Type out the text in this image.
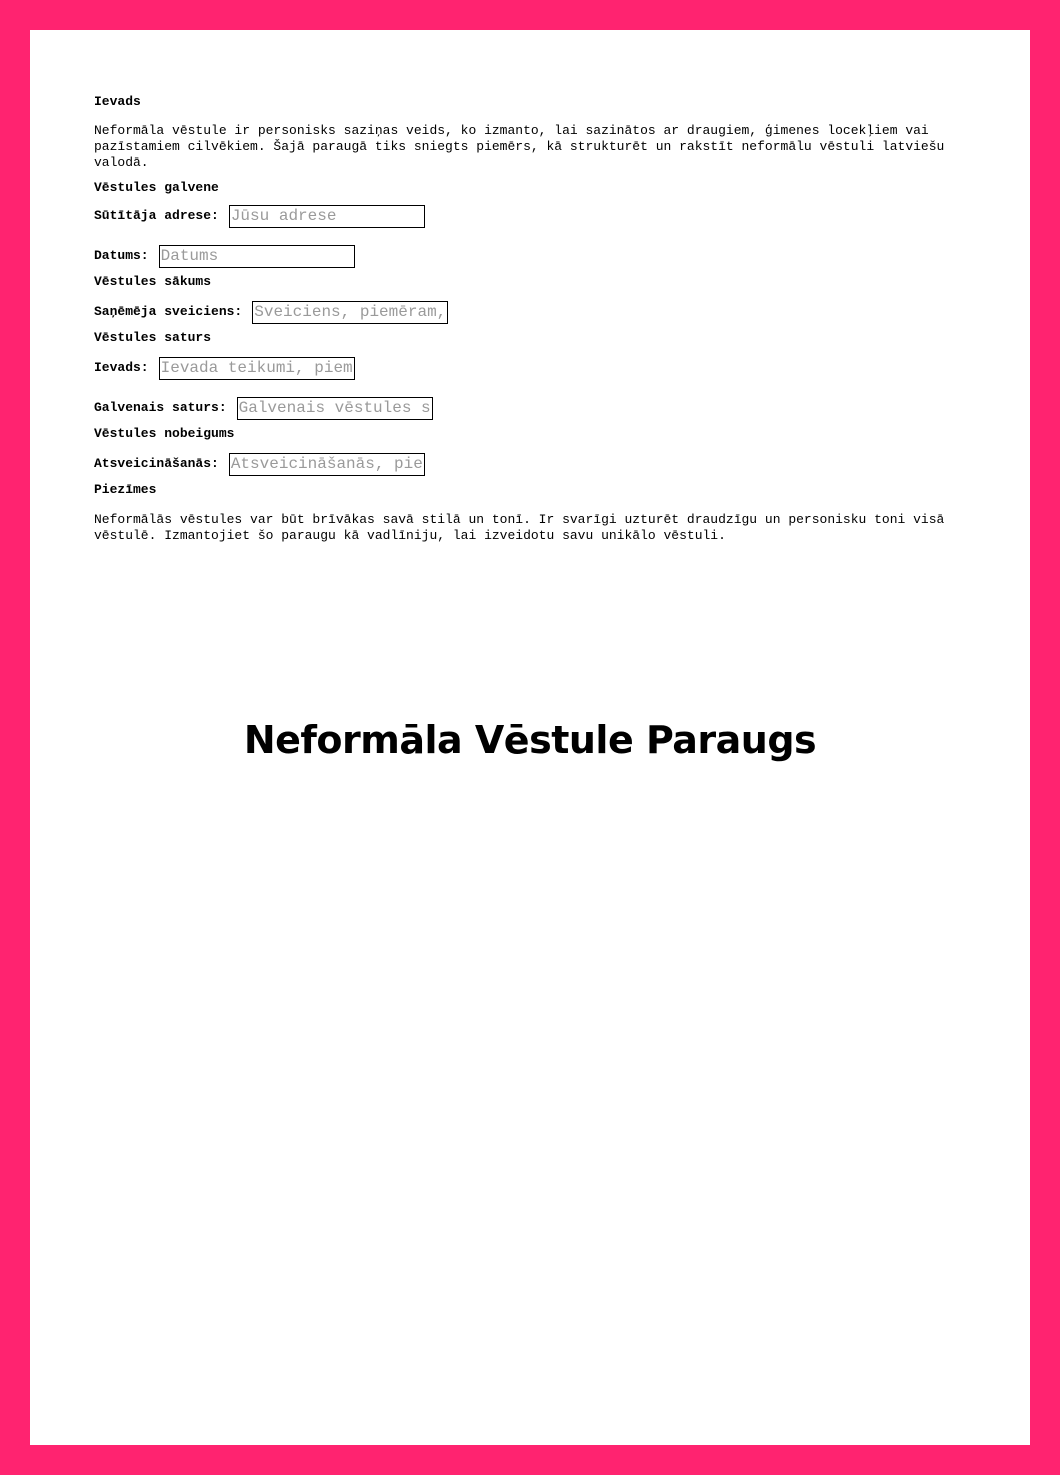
Ievads

Neformāla vēstule ir personisks saziņas veids, ko izmanto, lai sazinātos ar draugiem, ģimenes locekļiem vai pazīstamiem cilvēkiem. Šajā paraugā tiks sniegts piemērs, kā strukturēt un rakstīt neformālu vēstuli latviešu valodā.

Vēstules galvene

Sūtītāja adrese:
Jūsu adrese
Datums:
Datums

Vēstules sākums

Saņēmēja sveiciens:
Sveiciens, piemēram, Dārgais Jāni

Vēstules saturs

Ievads:
Ievada teikumi, piemēram, kā tev klājas?
Galvenais saturs:
Galvenais vēstules saturs

Vēstules nobeigums

Atsveicināšanās:
Atsveicināšanās, piemēram, Ar mīlestību

Piezīmes

Neformālās vēstules var būt brīvākas savā stilā un tonī. Ir svarīgi uzturēt draudzīgu un personisku toni visā vēstulē. Izmantojiet šo paraugu kā vadlīniju, lai izveidotu savu unikālo vēstuli.

Neformāla Vēstule Paraugs
